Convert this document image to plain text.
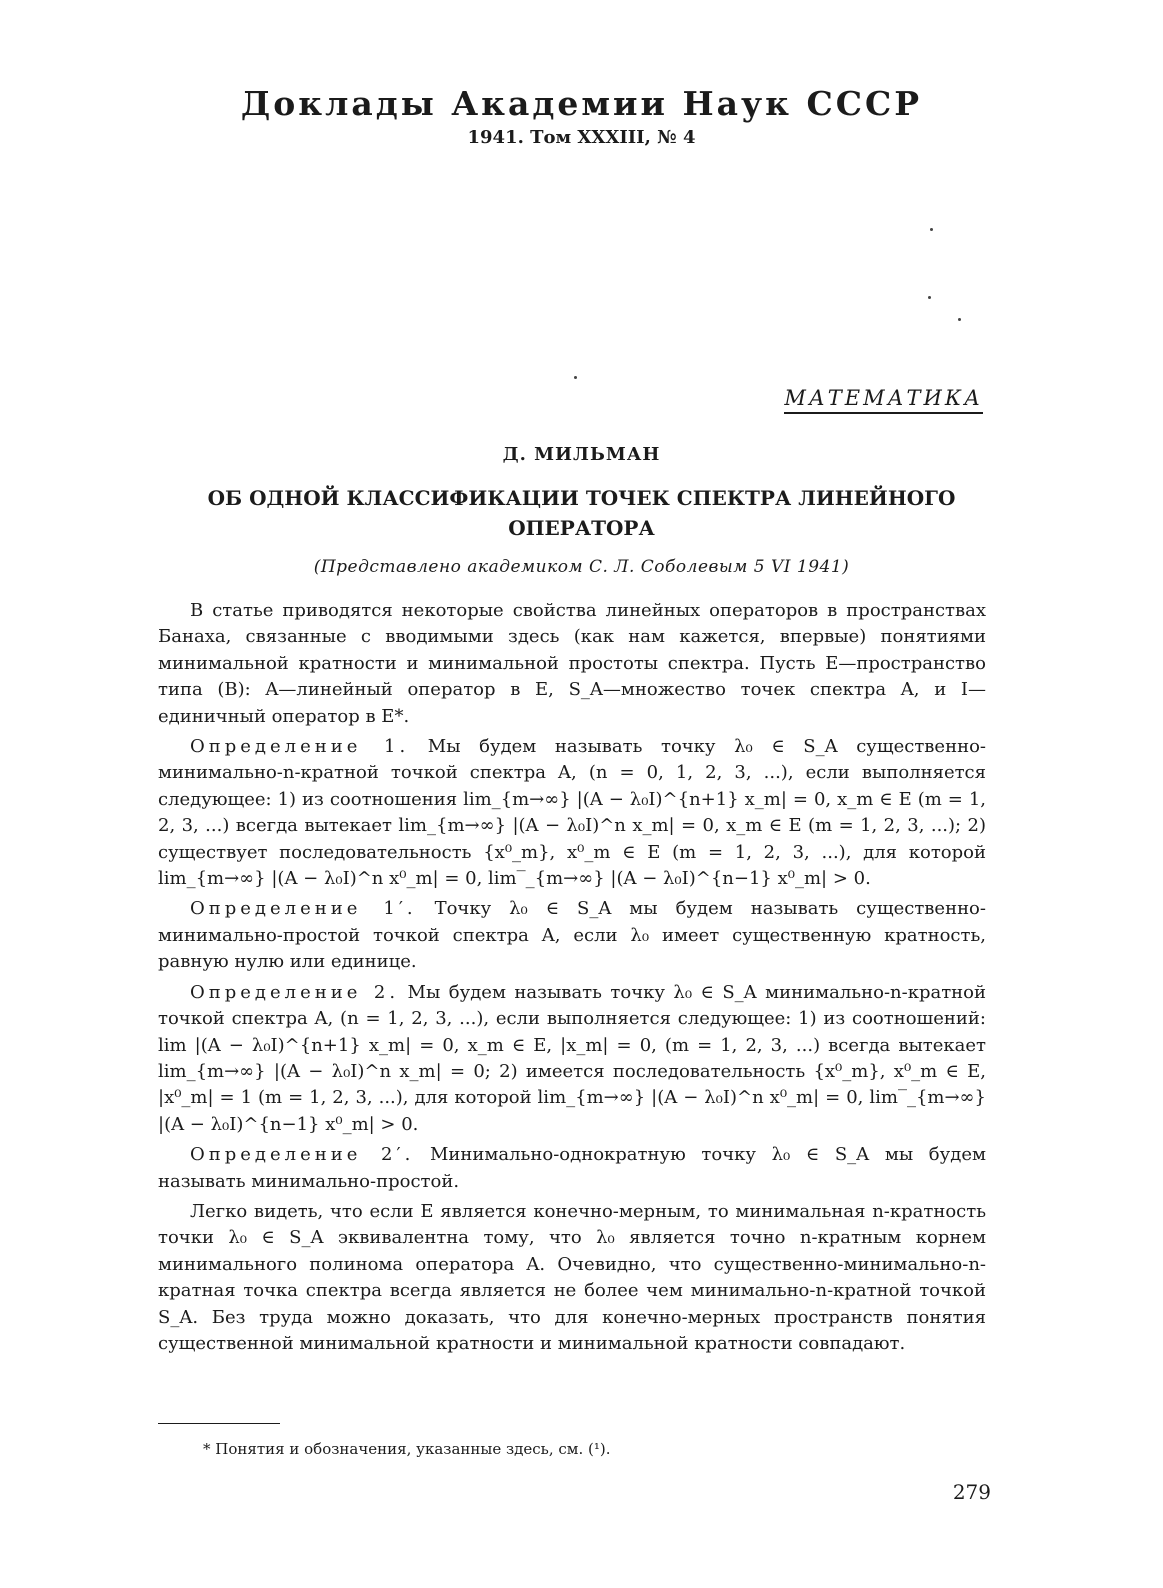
Доклады Академии Наук СССР
1941. Том XXXIII, № 4
МАТЕМАТИКА
Д. МИЛЬМАН
ОБ ОДНОЙ КЛАССИФИКАЦИИ ТОЧЕК СПЕКТРА ЛИНЕЙНОГО ОПЕРАТОРА
(Представлено академиком С. Л. Соболевым 5 VI 1941)

В статье приводятся некоторые свойства линейных операторов в пространствах Банаха, связанные с вводимыми здесь (как нам кажется, впервые) понятиями минимальной кратности и минимальной простоты спектра. Пусть E—пространство типа (B): A—линейный оператор в E, S_A—множество точек спектра A, и I—единичный оператор в E*.

Определение 1. Мы будем называть точку λ₀ ∈ S_A существенно-минимально-n-кратной точкой спектра A, (n = 0, 1, 2, 3, ...), если выполняется следующее: 1) из соотношения lim_{m→∞} |(A − λ₀I)^{n+1} x_m| = 0, x_m ∈ E (m = 1, 2, 3, ...) всегда вытекает lim_{m→∞} |(A − λ₀I)^n x_m| = 0, x_m ∈ E (m = 1, 2, 3, ...); 2) существует последовательность {x⁰_m}, x⁰_m ∈ E (m = 1, 2, 3, ...), для которой lim_{m→∞} |(A − λ₀I)^n x⁰_m| = 0, lim‾_{m→∞} |(A − λ₀I)^{n−1} x⁰_m| > 0.

Определение 1′. Точку λ₀ ∈ S_A мы будем называть существенно-минимально-простой точкой спектра A, если λ₀ имеет существенную кратность, равную нулю или единице.

Определение 2. Мы будем называть точку λ₀ ∈ S_A минимально-n-кратной точкой спектра A, (n = 1, 2, 3, ...), если выполняется следующее: 1) из соотношений: lim |(A − λ₀I)^{n+1} x_m| = 0, x_m ∈ E, |x_m| = 0, (m = 1, 2, 3, ...) всегда вытекает lim_{m→∞} |(A − λ₀I)^n x_m| = 0; 2) имеется последовательность {x⁰_m}, x⁰_m ∈ E, |x⁰_m| = 1 (m = 1, 2, 3, ...), для которой lim_{m→∞} |(A − λ₀I)^n x⁰_m| = 0, lim‾_{m→∞} |(A − λ₀I)^{n−1} x⁰_m| > 0.

Определение 2′. Минимально-однократную точку λ₀ ∈ S_A мы будем называть минимально-простой.

Легко видеть, что если E является конечно-мерным, то минимальная n-кратность точки λ₀ ∈ S_A эквивалентна тому, что λ₀ является точно n-кратным корнем минимального полинома оператора A. Очевидно, что существенно-минимально-n-кратная точка спектра всегда является не более чем минимально-n-кратной точкой S_A. Без труда можно доказать, что для конечно-мерных пространств понятия существенной минимальной кратности и минимальной кратности совпадают.

* Понятия и обозначения, указанные здесь, см. (¹).
279
